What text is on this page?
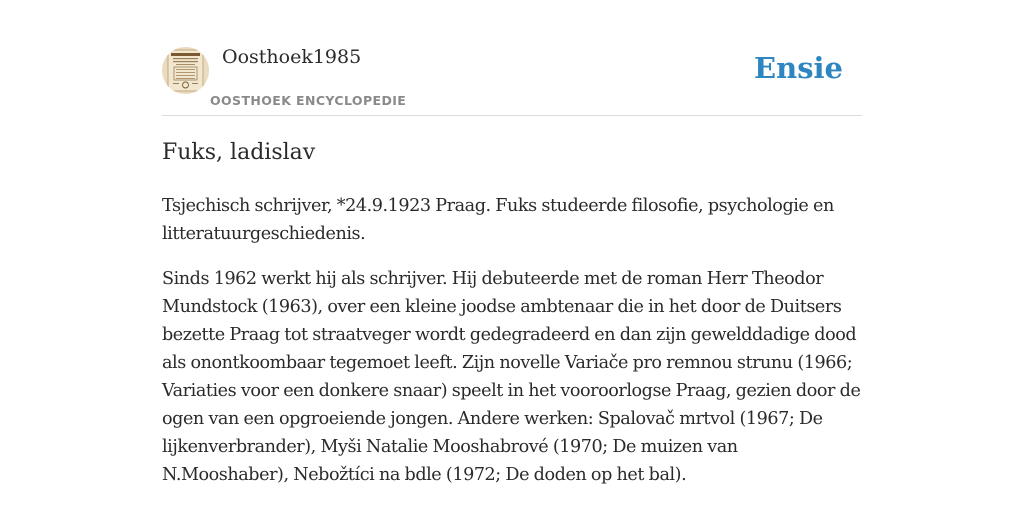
Oosthoek1985
OOSTHOEK ENCYCLOPEDIE
Ensie
Fuks, ladislav

Tsjechisch schrijver, *24.9.1923 Praag. Fuks studeerde filosofie, psychologie en litteratuurgeschiedenis.

Sinds 1962 werkt hij als schrijver. Hij debuteerde met de roman Herr Theodor Mundstock (1963), over een kleine joodse ambtenaar die in het door de Duitsers bezette Praag tot straatveger wordt gedegradeerd en dan zijn gewelddadige dood als onontkoombaar tegemoet leeft. Zijn novelle Variače pro remnou strunu (1966; Variaties voor een donkere snaar) speelt in het vooroorlogse Praag, gezien door de ogen van een opgroeiende jongen. Andere werken: Spalovač mrtvol (1967; De lijkenverbrander), Myši Natalie Mooshabrové (1970; De muizen van N.Mooshaber), Nebožtíci na bdle (1972; De doden op het bal).
